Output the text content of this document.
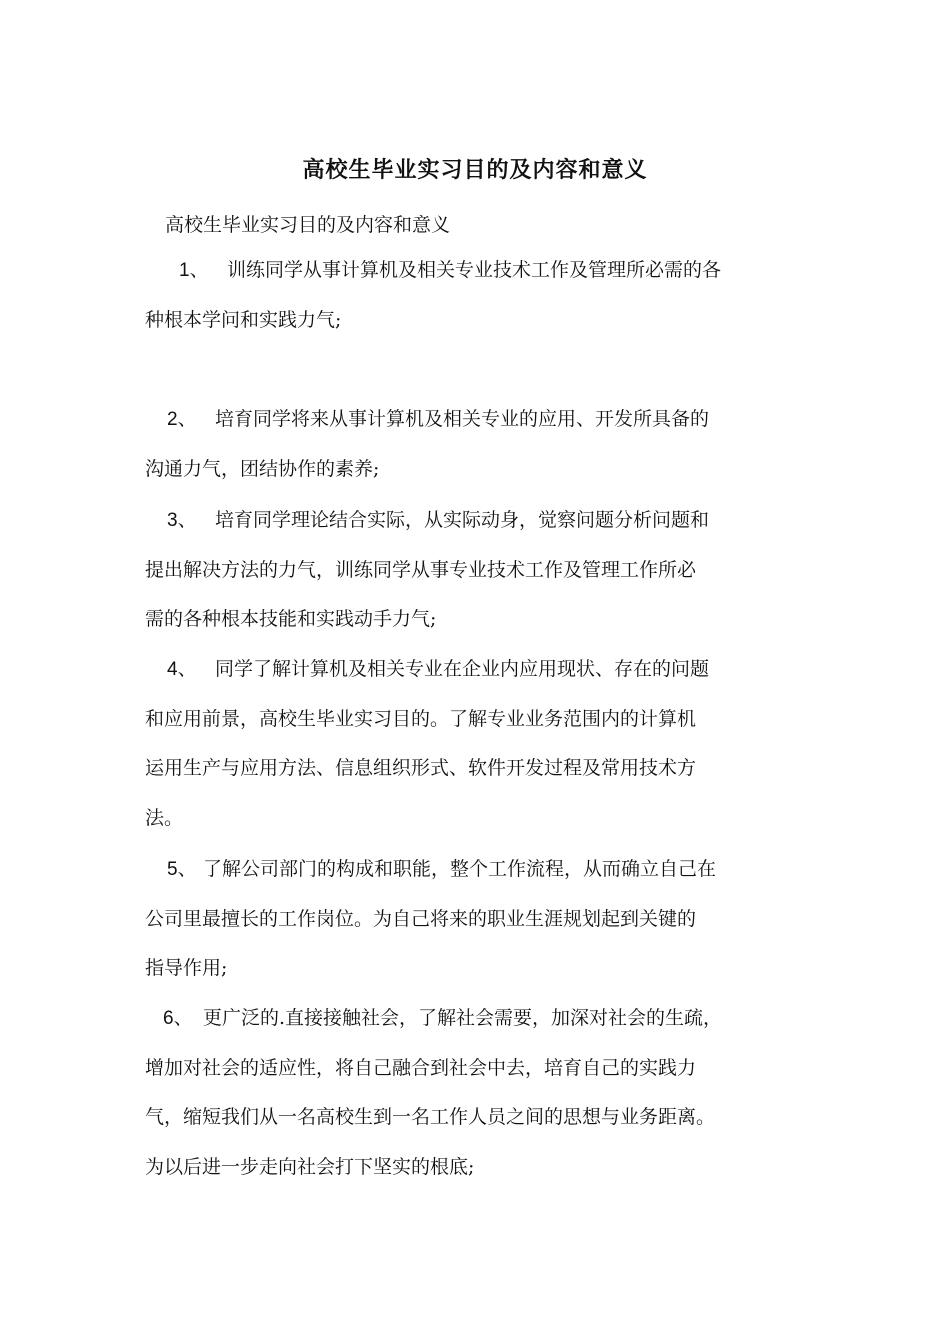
高校生毕业实习目的及内容和意义
高校生毕业实习目的及内容和意义
1、 训练同学从事计算机及相关专业技术工作及管理所必需的各
种根本学问和实践力气;
2、 培育同学将来从事计算机及相关专业的应用、开发所具备的
沟通力气，团结协作的素养;
3、 培育同学理论结合实际，从实际动身，觉察问题分析问题和
提出解决方法的力气，训练同学从事专业技术工作及管理工作所必
需的各种根本技能和实践动手力气;
4、 同学了解计算机及相关专业在企业内应用现状、存在的问题
和应用前景，高校生毕业实习目的。了解专业业务范围内的计算机
运用生产与应用方法、信息组织形式、软件开发过程及常用技术方
法。
5、 了解公司部门的构成和职能，整个工作流程，从而确立自己在
公司里最擅长的工作岗位。为自己将来的职业生涯规划起到关键的
指导作用;
6、 更广泛的.直接接触社会，了解社会需要，加深对社会的生疏，
增加对社会的适应性，将自己融合到社会中去，培育自己的实践力
气，缩短我们从一名高校生到一名工作人员之间的思想与业务距离。
为以后进一步走向社会打下坚实的根底;
